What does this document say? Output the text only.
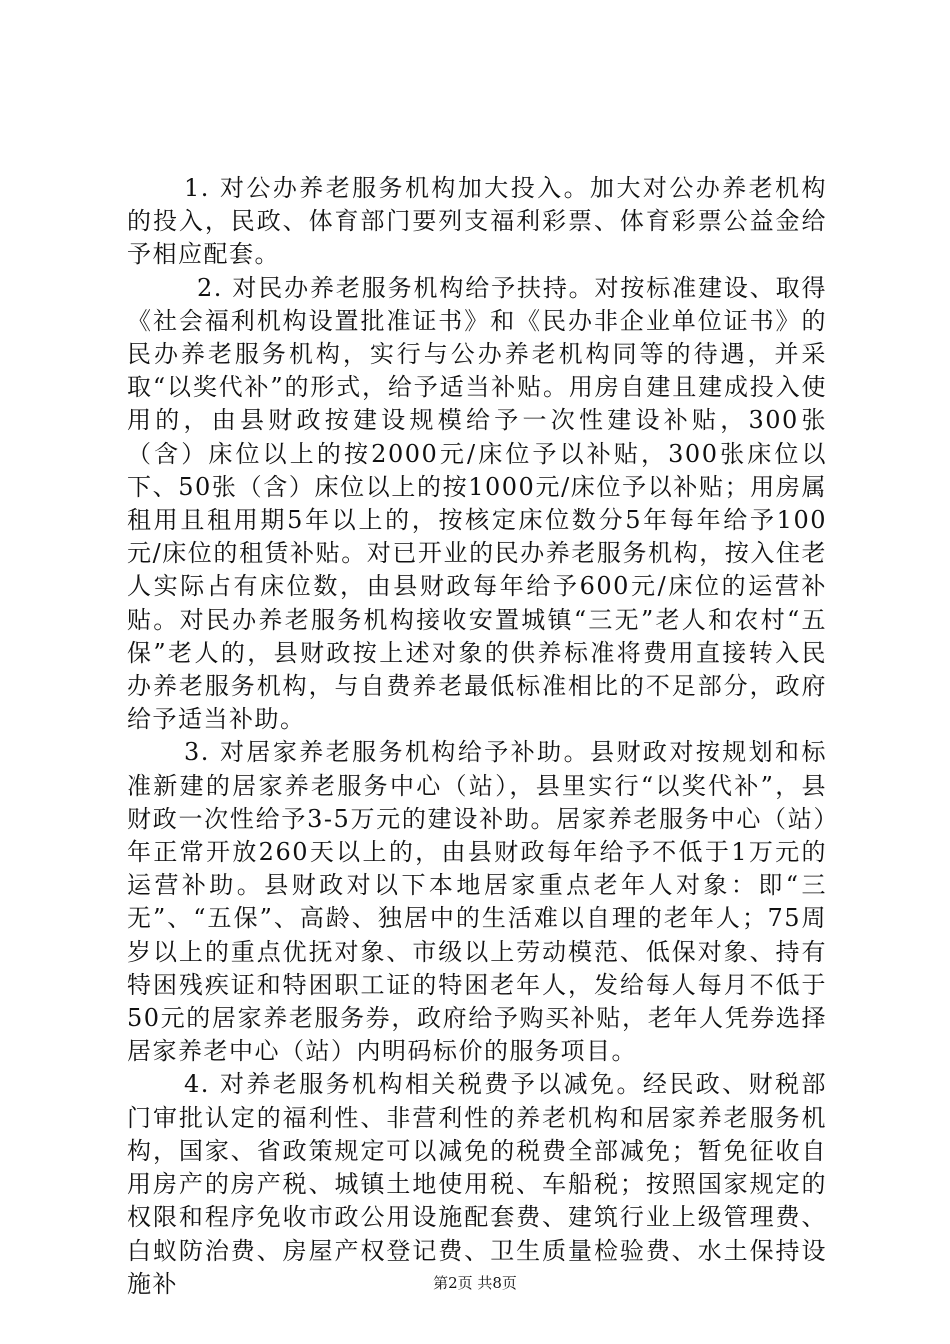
1. 对公办养老服务机构加大投入。加大对公办养老机构的投入，民政、体育部门要列支福利彩票、体育彩票公益金给予相应配套。

2. 对民办养老服务机构给予扶持。对按标准建设、取得《社会福利机构设置批准证书》和《民办非企业单位证书》的民办养老服务机构，实行与公办养老机构同等的待遇，并采取“以奖代补”的形式，给予适当补贴。用房自建且建成投入使用的，由县财政按建设规模给予一次性建设补贴，300张（含）床位以上的按2000元/床位予以补贴，300张床位以下、50张（含）床位以上的按1000元/床位予以补贴；用房属租用且租用期5年以上的，按核定床位数分5年每年给予100元/床位的租赁补贴。对已开业的民办养老服务机构，按入住老人实际占有床位数，由县财政每年给予600元/床位的运营补贴。对民办养老服务机构接收安置城镇“三无”老人和农村“五保”老人的，县财政按上述对象的供养标准将费用直接转入民办养老服务机构，与自费养老最低标准相比的不足部分，政府给予适当补助。

3. 对居家养老服务机构给予补助。县财政对按规划和标准新建的居家养老服务中心（站），县里实行“以奖代补”，县财政一次性给予3-5万元的建设补助。居家养老服务中心（站）年正常开放260天以上的，由县财政每年给予不低于1万元的运营补助。县财政对以下本地居家重点老年人对象：即“三无”、“五保”、高龄、独居中的生活难以自理的老年人；75周岁以上的重点优抚对象、市级以上劳动模范、低保对象、持有特困残疾证和特困职工证的特困老年人，发给每人每月不低于50元的居家养老服务券，政府给予购买补贴，老年人凭券选择居家养老中心（站）内明码标价的服务项目。

4. 对养老服务机构相关税费予以减免。经民政、财税部门审批认定的福利性、非营利性的养老机构和居家养老服务机构，国家、省政策规定可以减免的税费全部减免；暂免征收自用房产的房产税、城镇土地使用税、车船税；按照国家规定的权限和程序免收市政公用设施配套费、建筑行业上级管理费、白蚁防治费、房屋产权登记费、卫生质量检验费、水土保持设施补	第2页 共8页
